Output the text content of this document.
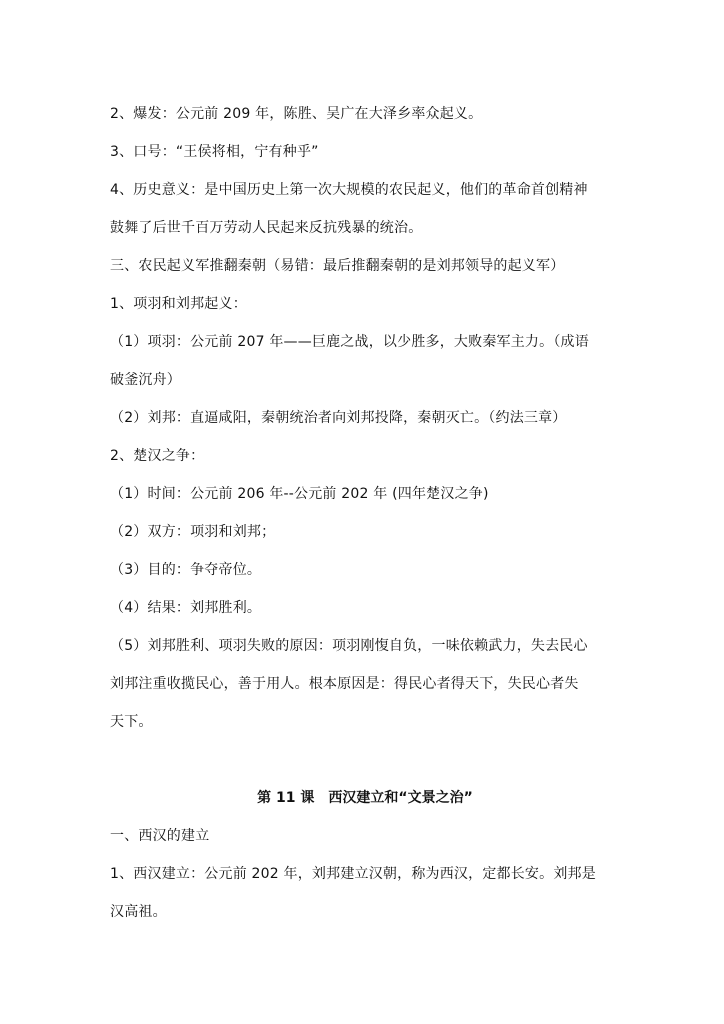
2、爆发：公元前 209 年，陈胜、吴广在大泽乡率众起义。
3、口号：“王侯将相，宁有种乎”
4、历史意义：是中国历史上第一次大规模的农民起义，他们的革命首创精神
鼓舞了后世千百万劳动人民起来反抗残暴的统治。
三、农民起义军推翻秦朝（易错：最后推翻秦朝的是刘邦领导的起义军）
1、项羽和刘邦起义：
（1）项羽：公元前 207 年——巨鹿之战，以少胜多，大败秦军主力。（成语
破釜沉舟）
（2）刘邦：直逼咸阳，秦朝统治者向刘邦投降，秦朝灭亡。（约法三章）
2、楚汉之争：
（1）时间：公元前 206 年--公元前 202 年 (四年楚汉之争)
（2）双方：项羽和刘邦；
（3）目的：争夺帝位。
（4）结果：刘邦胜利。
（5）刘邦胜利、项羽失败的原因：项羽刚愎自负，一味依赖武力，失去民心
刘邦注重收揽民心，善于用人。根本原因是：得民心者得天下，失民心者失
天下。
第 11 课　西汉建立和“文景之治”
一、西汉的建立
1、西汉建立：公元前 202 年，刘邦建立汉朝，称为西汉，定都长安。刘邦是
汉高祖。
